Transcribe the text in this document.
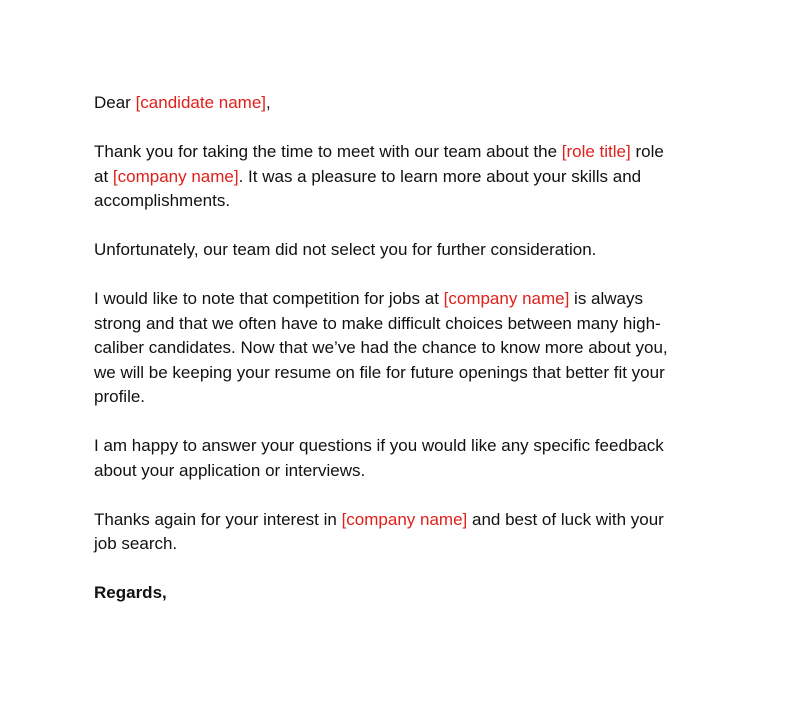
Dear [candidate name],

Thank you for taking the time to meet with our team about the [role title] role
at [company name]. It was a pleasure to learn more about your skills and
accomplishments.

Unfortunately, our team did not select you for further consideration.

I would like to note that competition for jobs at [company name] is always
strong and that we often have to make difficult choices between many high-
caliber candidates. Now that we’ve had the chance to know more about you,
we will be keeping your resume on file for future openings that better fit your
profile.

I am happy to answer your questions if you would like any specific feedback
about your application or interviews.

Thanks again for your interest in [company name] and best of luck with your
job search.

Regards,
